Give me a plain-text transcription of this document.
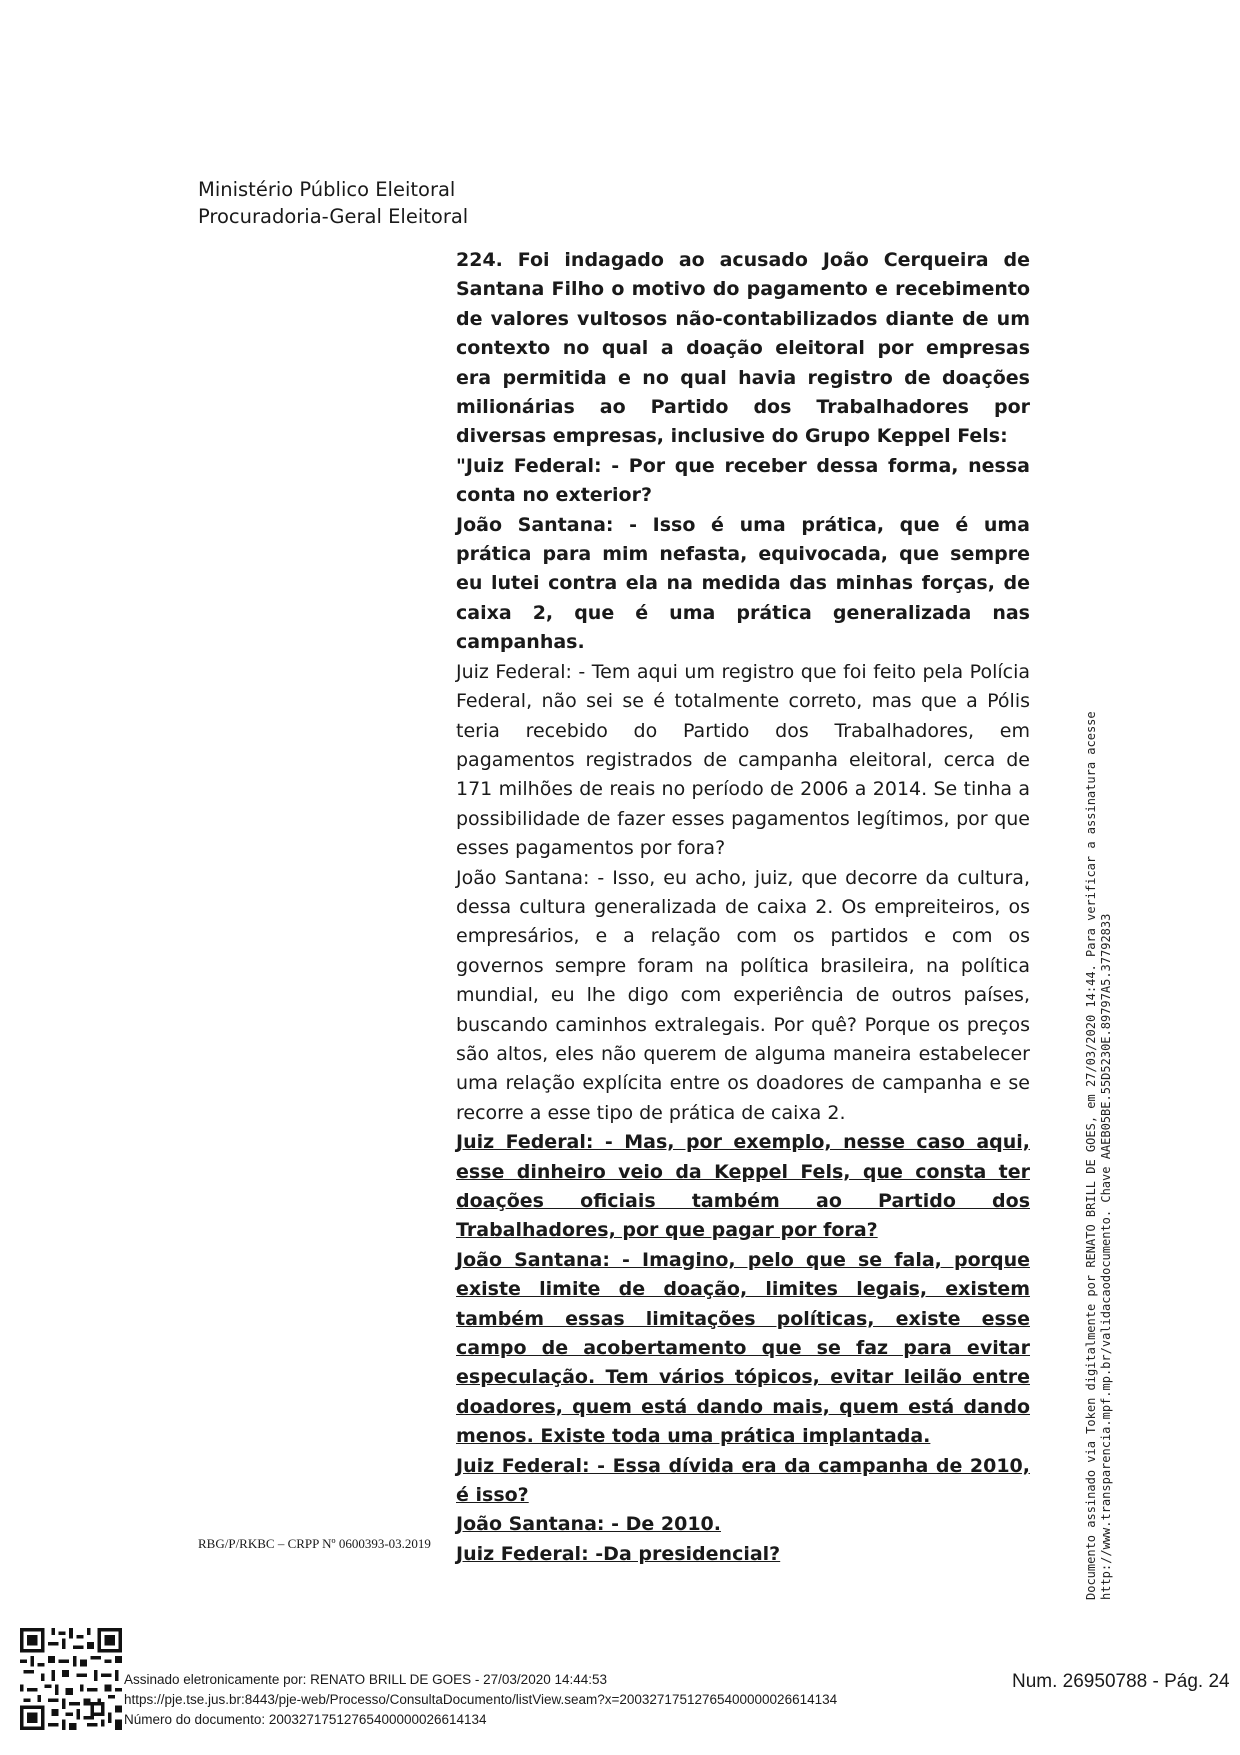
Ministério Público Eleitoral
Procuradoria-Geral Eleitoral

224. Foi indagado ao acusado João Cerqueira de Santana Filho o motivo do pagamento e recebimento de valores vultosos não-contabilizados diante de um contexto no qual a doação eleitoral por empresas era permitida e no qual havia registro de doações milionárias ao Partido dos Trabalhadores por diversas empresas, inclusive do Grupo Keppel Fels:

"Juiz Federal: - Por que receber dessa forma, nessa conta no exterior?

João Santana: - Isso é uma prática, que é uma prática para mim nefasta, equivocada, que sempre eu lutei contra ela na medida das minhas forças, de caixa 2, que é uma prática generalizada nas campanhas.

Juiz Federal: - Tem aqui um registro que foi feito pela Polícia Federal, não sei se é totalmente correto, mas que a Pólis teria recebido do Partido dos Trabalhadores, em pagamentos registrados de campanha eleitoral, cerca de 171 milhões de reais no período de 2006 a 2014. Se tinha a possibilidade de fazer esses pagamentos legítimos, por que esses pagamentos por fora?

João Santana: - Isso, eu acho, juiz, que decorre da cultura, dessa cultura generalizada de caixa 2. Os empreiteiros, os empresários, e a relação com os partidos e com os governos sempre foram na política brasileira, na política mundial, eu lhe digo com experiência de outros países, buscando caminhos extralegais. Por quê? Porque os preços são altos, eles não querem de alguma maneira estabelecer uma relação explícita entre os doadores de campanha e se recorre a esse tipo de prática de caixa 2.

Juiz Federal: - Mas, por exemplo, nesse caso aqui, esse dinheiro veio da Keppel Fels, que consta ter doações oficiais também ao Partido dos Trabalhadores, por que pagar por fora?

João Santana: - Imagino, pelo que se fala, porque existe limite de doação, limites legais, existem também essas limitações políticas, existe esse campo de acobertamento que se faz para evitar especulação. Tem vários tópicos, evitar leilão entre doadores, quem está dando mais, quem está dando menos. Existe toda uma prática implantada.

Juiz Federal: - Essa dívida era da campanha de 2010, é isso?

João Santana: - De 2010.

Juiz Federal: -Da presidencial?

RBG/P/RKBC – CRPP Nº 0600393-03.2019	Documento assinado via Token digitalmente por RENATO BRILL DE GOES, em 27/03/2020 14:44. Para verificar a assinatura acesse http://www.transparencia.mpf.mp.br/validacaodocumento. Chave AAEB05BE.55D5230E.89797A5.37792833
Assinado eletronicamente por: RENATO BRILL DE GOES - 27/03/2020 14:44:53
https://pje.tse.jus.br:8443/pje-web/Processo/ConsultaDocumento/listView.seam?x=20032717512765400000026614134
Número do documento: 20032717512765400000026614134
Num. 26950788 - Pág. 24
